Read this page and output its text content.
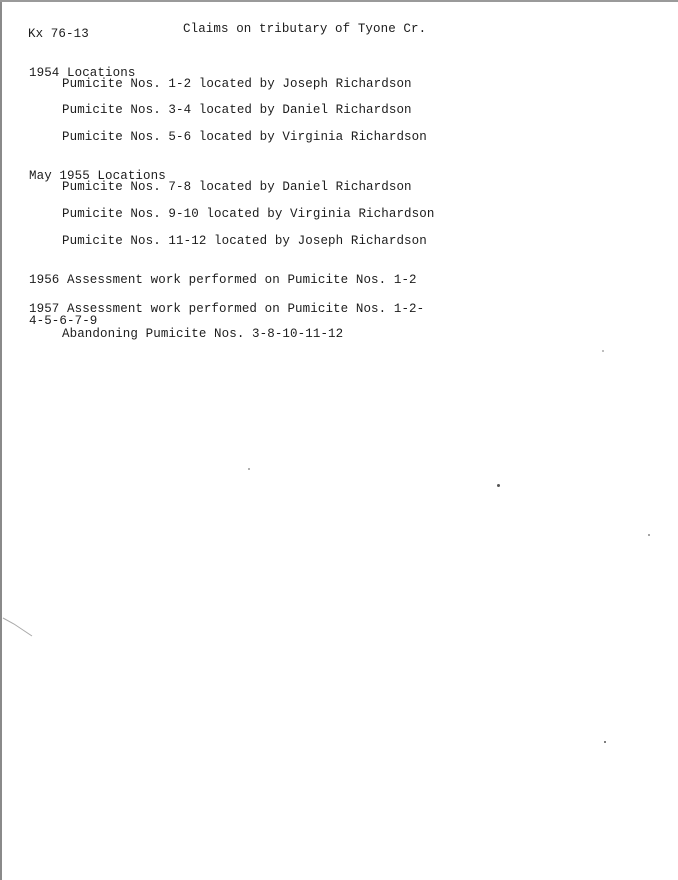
Kx 76-13	Claims on tributary of Tyone Cr.
1954 Locations
Pumicite Nos. 1-2 located by Joseph Richardson
Pumicite Nos. 3-4 located by Daniel Richardson
Pumicite Nos. 5-6 located by Virginia Richardson
May 1955 Locations
Pumicite Nos. 7-8 located by Daniel Richardson
Pumicite Nos. 9-10 located by Virginia Richardson
Pumicite Nos. 11-12 located by Joseph Richardson
1956 Assessment work performed on Pumicite Nos. 1-2
1957 Assessment work performed on Pumicite Nos. 1-2-
4-5-6-7-9
Abandoning Pumicite Nos. 3-8-10-11-12
